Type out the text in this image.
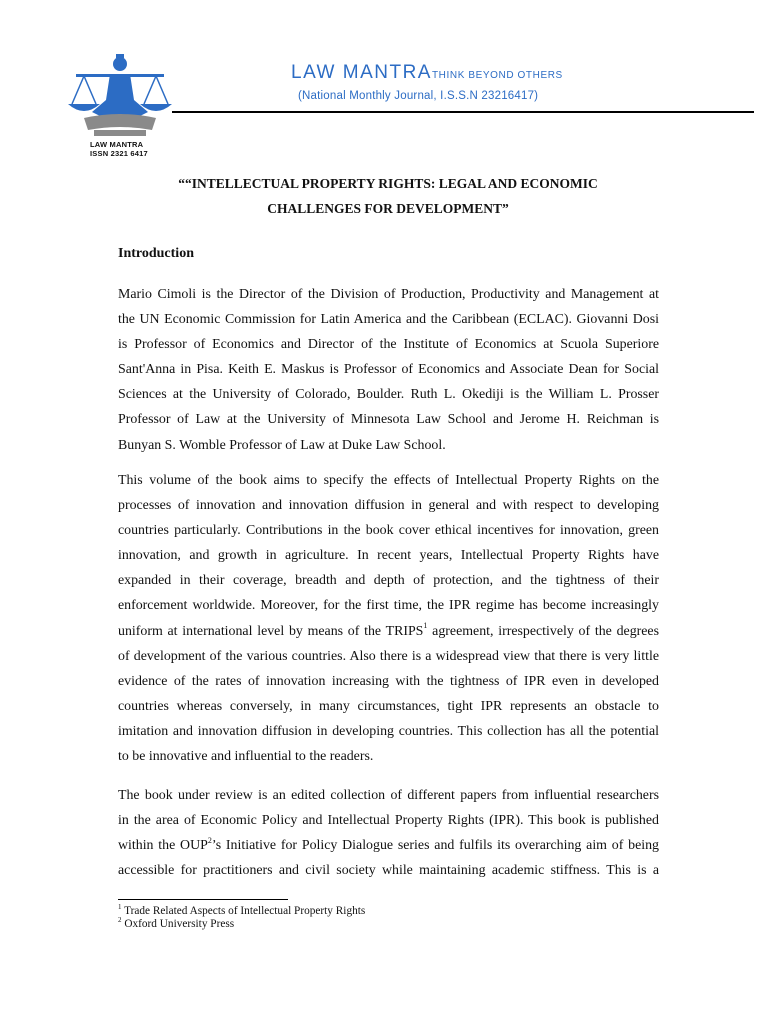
LAW MANTRA
ISSN 2321 6417
LAW MANTRATHINK BEYOND OTHERS
(National Monthly Journal, I.S.S.N 23216417)
““INTELLECTUAL PROPERTY RIGHTS: LEGAL AND ECONOMIC
CHALLENGES FOR DEVELOPMENT”
Introduction
Mario Cimoli is the Director of the Division of Production, Productivity and Management at
the UN Economic Commission for Latin America and the Caribbean (ECLAC). Giovanni Dosi
is Professor of Economics and Director of the Institute of Economics at Scuola Superiore
Sant'Anna in Pisa. Keith E. Maskus is Professor of Economics and Associate Dean for Social
Sciences at the University of Colorado, Boulder. Ruth L. Okediji is the William L. Prosser
Professor of Law at the University of Minnesota Law School and Jerome H. Reichman is
Bunyan S. Womble Professor of Law at Duke Law School.
This volume of the book aims to specify the effects of Intellectual Property Rights on the
processes of innovation and innovation diffusion in general and with respect to developing
countries particularly. Contributions in the book cover ethical incentives for innovation, green
innovation, and growth in agriculture. In recent years, Intellectual Property Rights have
expanded in their coverage, breadth and depth of protection, and the tightness of their
enforcement worldwide. Moreover, for the first time, the IPR regime has become increasingly
uniform at international level by means of the TRIPS$^1$ agreement, irrespectively of the degrees
of development of the various countries. Also there is a widespread view that there is very little
evidence of the rates of innovation increasing with the tightness of IPR even in developed
countries whereas conversely, in many circumstances, tight IPR represents an obstacle to
imitation and innovation diffusion in developing countries. This collection has all the potential
to be innovative and influential to the readers.
The book under review is an edited collection of different papers from influential researchers
in the area of Economic Policy and Intellectual Property Rights (IPR). This book is published
within the OUP$^2$’s Initiative for Policy Dialogue series and fulfils its overarching aim of being
accessible for practitioners and civil society while maintaining academic stiffness. This is a
$^1$ Trade Related Aspects of Intellectual Property Rights
$^2$ Oxford University Press
